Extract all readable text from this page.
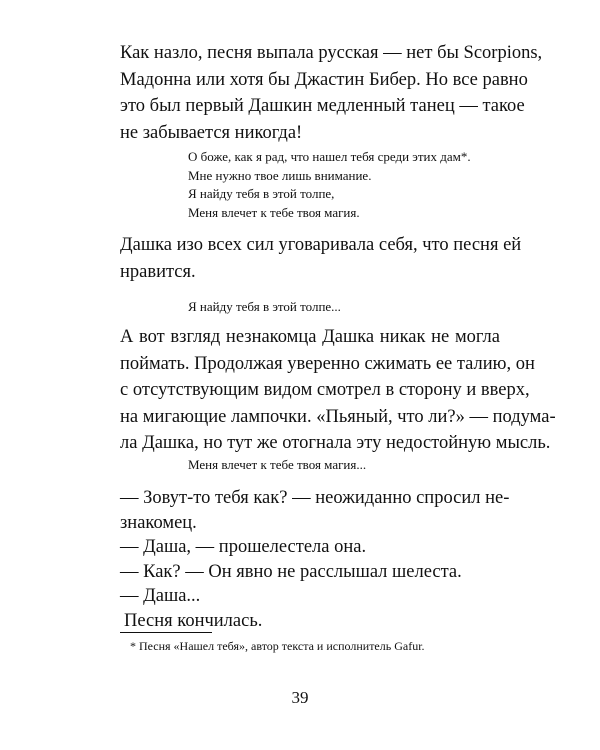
Как назло, песня выпала русская — нет бы Scorpions,
Мадонна или хотя бы Джастин Бибер. Но все равно
это был первый Дашкин медленный танец — такое
не забывается никогда!

О боже, как я рад, что нашел тебя среди этих дам*.
Мне нужно твое лишь внимание.
Я найду тебя в этой толпе,
Меня влечет к тебе твоя магия.

Дашка изо всех сил уговаривала себя, что песня ей
нравится.

Я найду тебя в этой толпе...

А вот взгляд незнакомца Дашка никак не могла
поймать. Продолжая уверенно сжимать ее талию, он
с отсутствующим видом смотрел в сторону и вверх,
на мигающие лампочки. «Пьяный, что ли?» — подума-
ла Дашка, но тут же отогнала эту недостойную мысль.

Меня влечет к тебе твоя магия...
— Зовут-то тебя как? — неожиданно спросил не-
знакомец.
— Даша, — прошелестела она.
— Как? — Он явно не расслышал шелеста.
— Даша...
Песня кончилась.
* Песня «Нашел тебя», автор текста и исполнитель Gafur.
39
